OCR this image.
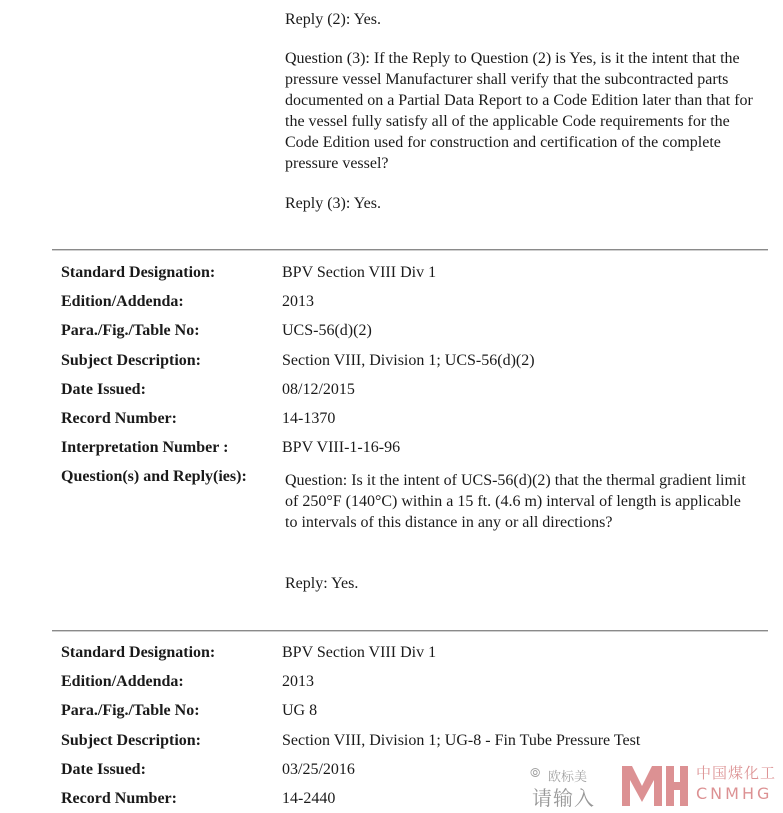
Reply (2): Yes.
Question (3): If the Reply to Question (2) is Yes, is it the intent that the pressure vessel Manufacturer shall verify that the subcontracted parts documented on a Partial Data Report to a Code Edition later than that for the vessel fully satisfy all of the applicable Code requirements for the Code Edition used for construction and certification of the complete pressure vessel?
Reply (3): Yes.
Standard Designation:	BPV Section VIII Div 1
Edition/Addenda:	2013
Para./Fig./Table No:	UCS-56(d)(2)
Subject Description:	Section VIII, Division 1; UCS-56(d)(2)
Date Issued:	08/12/2015
Record Number:	14-1370
Interpretation Number :	BPV VIII-1-16-96
Question(s) and Reply(ies): Question: Is it the intent of UCS-56(d)(2) that the thermal gradient limit of 250°F (140°C) within a 15 ft. (4.6 m) interval of length is applicable to intervals of this distance in any or all directions?
Reply: Yes.
Standard Designation:	BPV Section VIII Div 1
Edition/Addenda:	2013
Para./Fig./Table No:	UG 8
Subject Description:	Section VIII, Division 1; UG-8 - Fin Tube Pressure Test
Date Issued:	03/25/2016
Record Number:	14-2440
⦾ 欧标美
请输入
中国煤化工
CNMHG
